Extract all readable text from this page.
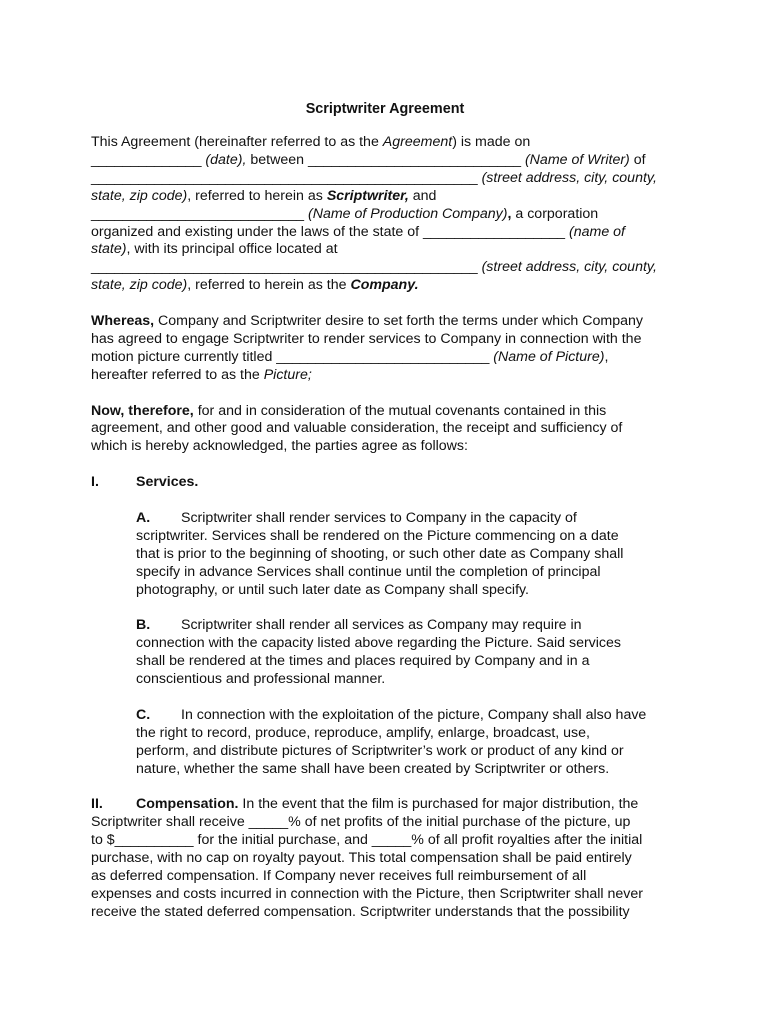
Scriptwriter Agreement

This Agreement (hereinafter referred to as the Agreement) is made on

______________ (date), between ___________________________ (Name of Writer) of

_________________________________________________ (street address, city, county,

state, zip code), referred to herein as Scriptwriter, and

___________________________ (Name of Production Company), a corporation

organized and existing under the laws of the state of __________________ (name of

state), with its principal office located at

_________________________________________________ (street address, city, county,

state, zip code), referred to herein as the Company.

Whereas, Company and Scriptwriter desire to set forth the terms under which Company

has agreed to engage Scriptwriter to render services to Company in connection with the

motion picture currently titled ___________________________ (Name of Picture),

hereafter referred to as the Picture;

Now, therefore, for and in consideration of the mutual covenants contained in this

agreement, and other good and valuable consideration, the receipt and sufficiency of

which is hereby acknowledged, the parties agree as follows:

I.	Services.

A. Scriptwriter shall render services to Company in the capacity of

scriptwriter. Services shall be rendered on the Picture commencing on a date

that is prior to the beginning of shooting, or such other date as Company shall

specify in advance Services shall continue until the completion of principal

photography, or until such later date as Company shall specify.

B. Scriptwriter shall render all services as Company may require in

connection with the capacity listed above regarding the Picture. Said services

shall be rendered at the times and places required by Company and in a

conscientious and professional manner.

C. In connection with the exploitation of the picture, Company shall also have

the right to record, produce, reproduce, amplify, enlarge, broadcast, use,

perform, and distribute pictures of Scriptwriter’s work or product of any kind or

nature, whether the same shall have been created by Scriptwriter or others.

II. Compensation. In the event that the film is purchased for major distribution, the

Scriptwriter shall receive _____% of net profits of the initial purchase of the picture, up

to $__________ for the initial purchase, and _____% of all profit royalties after the initial

purchase, with no cap on royalty payout. This total compensation shall be paid entirely

as deferred compensation. If Company never receives full reimbursement of all

expenses and costs incurred in connection with the Picture, then Scriptwriter shall never

receive the stated deferred compensation. Scriptwriter understands that the possibility
